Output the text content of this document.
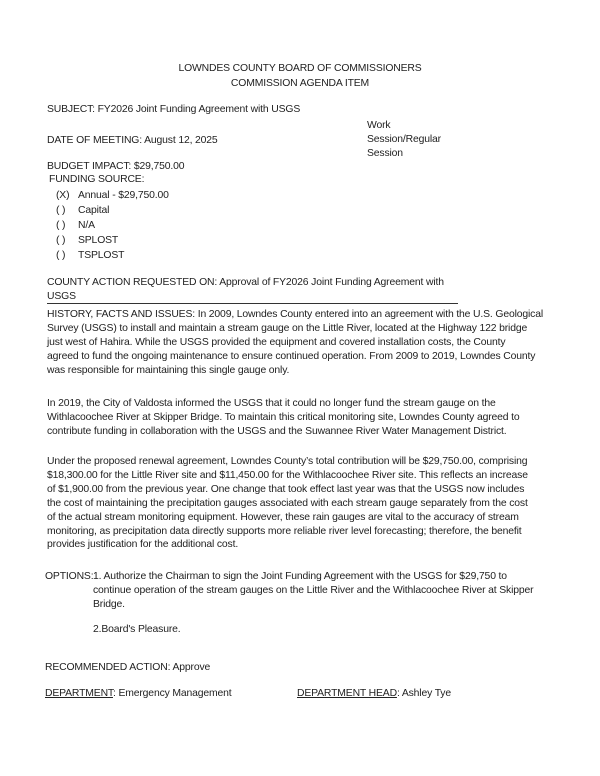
LOWNDES COUNTY BOARD OF COMMISSIONERS
COMMISSION AGENDA ITEM
SUBJECT: FY2026 Joint Funding Agreement with USGS
DATE OF MEETING: August 12, 2025
Work
Session/Regular
Session
BUDGET IMPACT: $29,750.00
FUNDING SOURCE:
(X) Annual - $29,750.00
( ) Capital
( ) N/A
( ) SPLOST
( ) TSPLOST
COUNTY ACTION REQUESTED ON: Approval of FY2026 Joint Funding Agreement with
USGS
HISTORY, FACTS AND ISSUES: In 2009, Lowndes County entered into an agreement with the U.S. Geological
Survey (USGS) to install and maintain a stream gauge on the Little River, located at the Highway 122 bridge
just west of Hahira. While the USGS provided the equipment and covered installation costs, the County
agreed to fund the ongoing maintenance to ensure continued operation. From 2009 to 2019, Lowndes County
was responsible for maintaining this single gauge only.
In 2019, the City of Valdosta informed the USGS that it could no longer fund the stream gauge on the
Withlacoochee River at Skipper Bridge. To maintain this critical monitoring site, Lowndes County agreed to
contribute funding in collaboration with the USGS and the Suwannee River Water Management District.
Under the proposed renewal agreement, Lowndes County’s total contribution will be $29,750.00, comprising
$18,300.00 for the Little River site and $11,450.00 for the Withlacoochee River site. This reflects an increase
of $1,900.00 from the previous year. One change that took effect last year was that the USGS now includes
the cost of maintaining the precipitation gauges associated with each stream gauge separately from the cost
of the actual stream monitoring equipment. However, these rain gauges are vital to the accuracy of stream
monitoring, as precipitation data directly supports more reliable river level forecasting; therefore, the benefit
provides justification for the additional cost.
OPTIONS: 1. Authorize the Chairman to sign the Joint Funding Agreement with the USGS for $29,750 to
continue operation of the stream gauges on the Little River and the Withlacoochee River at Skipper
Bridge.
2.Board's Pleasure.
RECOMMENDED ACTION: Approve
DEPARTMENT: Emergency Management	DEPARTMENT HEAD: Ashley Tye
